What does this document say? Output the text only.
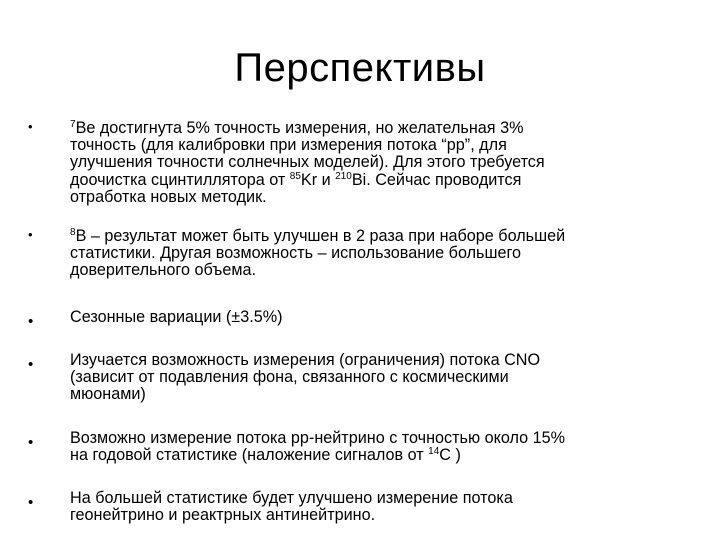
Перспективы
•	$^7$Be достигнута 5% точность измерения, но желательная 3%
точность (для калибровки при измерения потока “pp”, для
улучшения точности солнечных моделей). Для этого требуется
доочистка сцинтиллятора от $^{85}$Kr и $^{210}$Bi. Сейчас проводится
отработка новых методик.
•	$^8$B – результат может быть улучшен в 2 раза при наборе большей
статистики. Другая возможность – использование большего
доверительного объема.
• Сезонные вариации (±3.5%)
• Изучается возможность измерения (ограничения) потока CNO
(зависит от подавления фона, связанного с космическими
мюонами)
• Возможно измерение потока pp-нейтрино с точностью около 15%
на годовой статистике (наложение сигналов от $^{14}$C )
• На большей статистике будет улучшено измерение потока
геонейтрино и реактрных антинейтрино.
